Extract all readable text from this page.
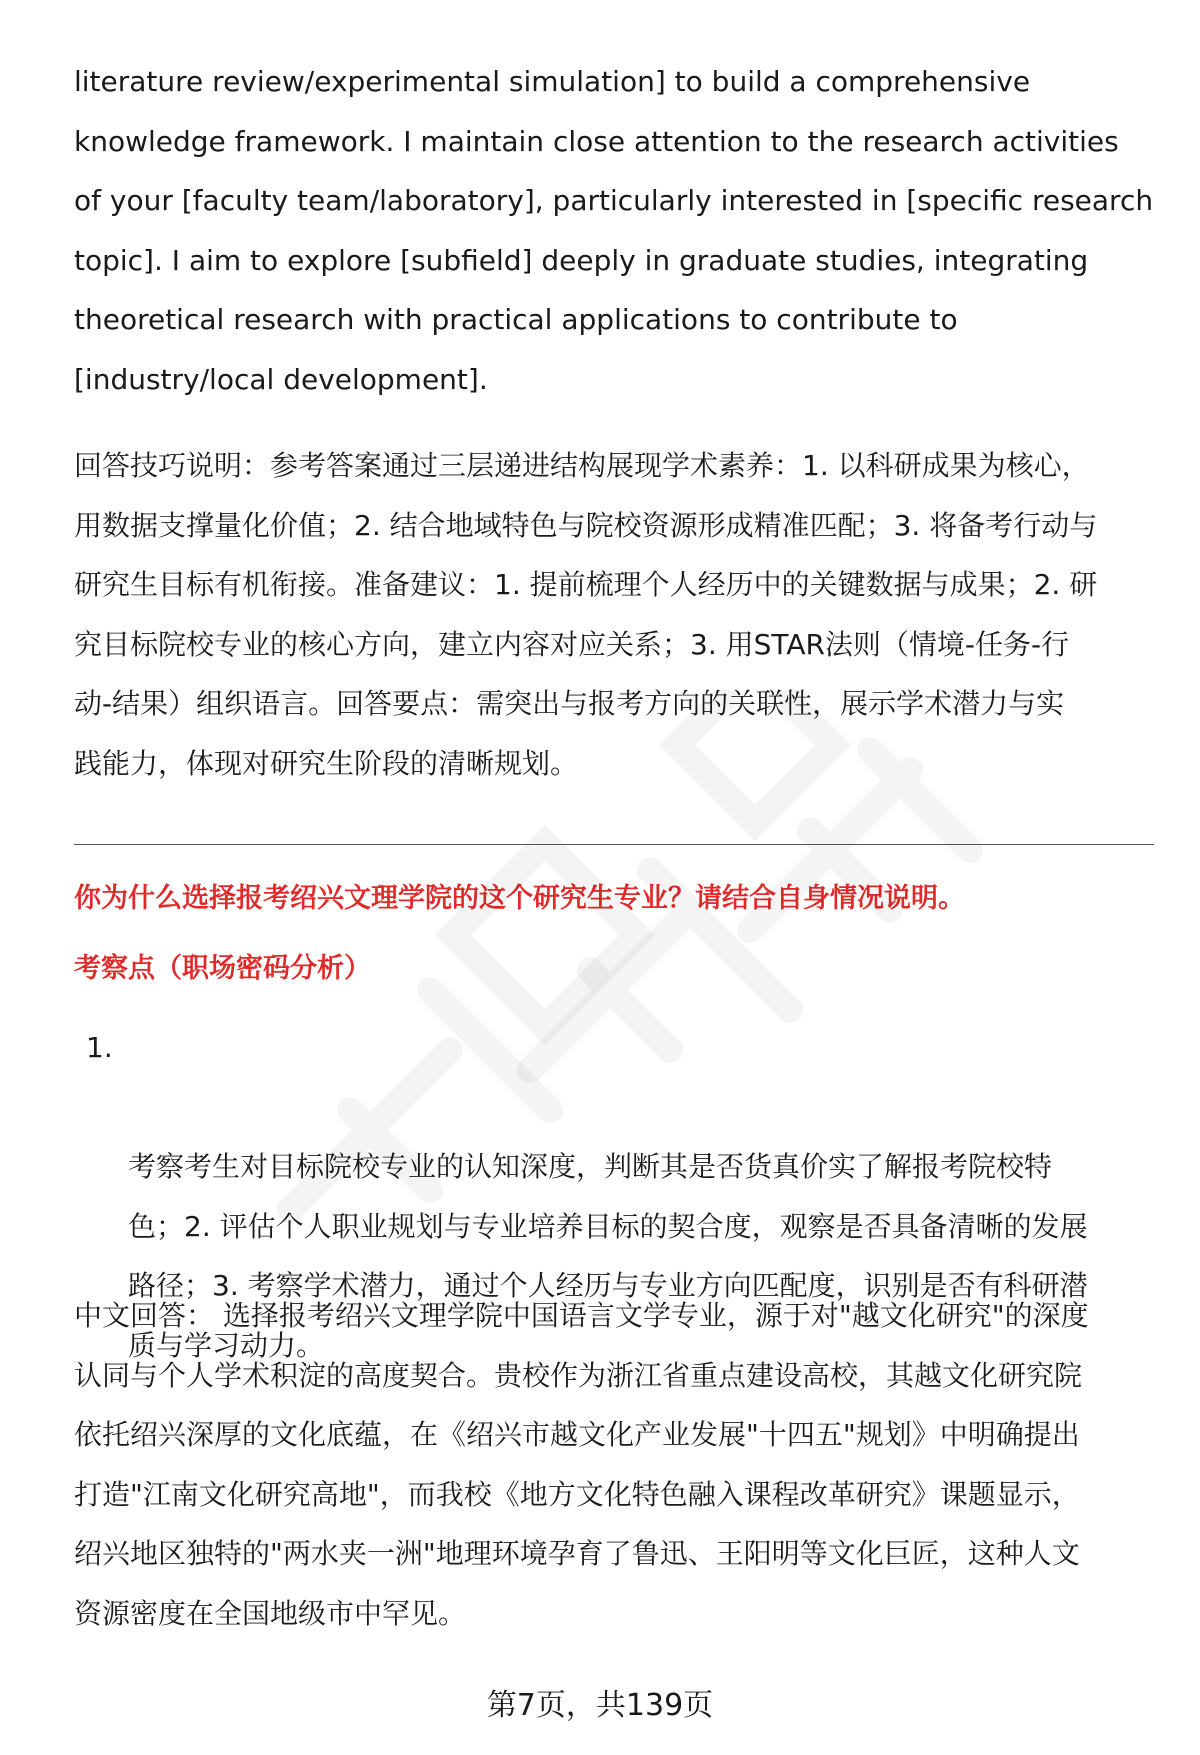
literature review/experimental simulation] to build a comprehensive
knowledge framework. I maintain close attention to the research activities
of your [faculty team/laboratory], particularly interested in [specific research
topic]. I aim to explore [subfield] deeply in graduate studies, integrating
theoretical research with practical applications to contribute to
[industry/local development].

回答技巧说明：参考答案通过三层递进结构展现学术素养：1. 以科研成果为核心，
用数据支撑量化价值；2. 结合地域特色与院校资源形成精准匹配；3. 将备考行动与
研究生目标有机衔接。准备建议：1. 提前梳理个人经历中的关键数据与成果；2. 研
究目标院校专业的核心方向，建立内容对应关系；3. 用STAR法则（情境-任务-行
动-结果）组织语言。回答要点：需突出与报考方向的关联性，展示学术潜力与实
践能力，体现对研究生阶段的清晰规划。

你为什么选择报考绍兴文理学院的这个研究生专业？请结合自身情况说明。
考察点（职场密码分析）

1.

考察考生对目标院校专业的认知深度，判断其是否货真价实了解报考院校特
色；2. 评估个人职业规划与专业培养目标的契合度，观察是否具备清晰的发展
路径；3. 考察学术潜力，通过个人经历与专业方向匹配度，识别是否有科研潜
质与学习动力。

中文回答： 选择报考绍兴文理学院中国语言文学专业，源于对"越文化研究"的深度
认同与个人学术积淀的高度契合。贵校作为浙江省重点建设高校，其越文化研究院
依托绍兴深厚的文化底蕴，在《绍兴市越文化产业发展"十四五"规划》中明确提出
打造"江南文化研究高地"，而我校《地方文化特色融入课程改革研究》课题显示，
绍兴地区独特的"两水夹一洲"地理环境孕育了鲁迅、王阳明等文化巨匠，这种人文
资源密度在全国地级市中罕见。

第7页，共139页
